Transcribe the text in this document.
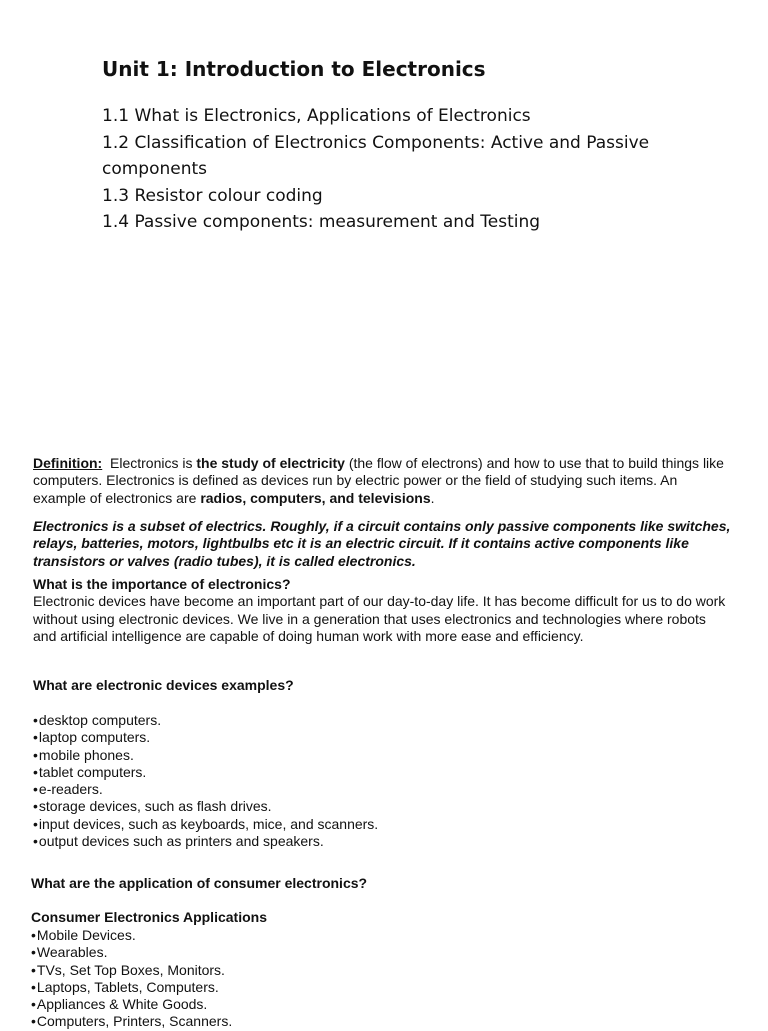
Unit 1: Introduction to Electronics
1.1 What is Electronics, Applications of Electronics
1.2 Classification of Electronics Components: Active and Passive components
1.3 Resistor colour coding
1.4 Passive components: measurement and Testing

Definition: Electronics is the study of electricity (the flow of electrons) and how to use that to build things like computers. Electronics is defined as devices run by electric power or the field of studying such items. An example of electronics are radios, computers, and televisions.

Electronics is a subset of electrics. Roughly, if a circuit contains only passive components like switches, relays, batteries, motors, lightbulbs etc it is an electric circuit. If it contains active components like transistors or valves (radio tubes), it is called electronics.

What is the importance of electronics?
Electronic devices have become an important part of our day-to-day life. It has become difficult for us to do work without using electronic devices. We live in a generation that uses electronics and technologies where robots and artificial intelligence are capable of doing human work with more ease and efficiency.

What are electronic devices examples?

•desktop computers.
•laptop computers.
•mobile phones.
•tablet computers.
•e-readers.
•storage devices, such as flash drives.
•input devices, such as keyboards, mice, and scanners.
•output devices such as printers and speakers.

What are the application of consumer electronics?

Consumer Electronics Applications

•Mobile Devices.
•Wearables.
•TVs, Set Top Boxes, Monitors.
•Laptops, Tablets, Computers.
•Appliances & White Goods.
•Computers, Printers, Scanners.
